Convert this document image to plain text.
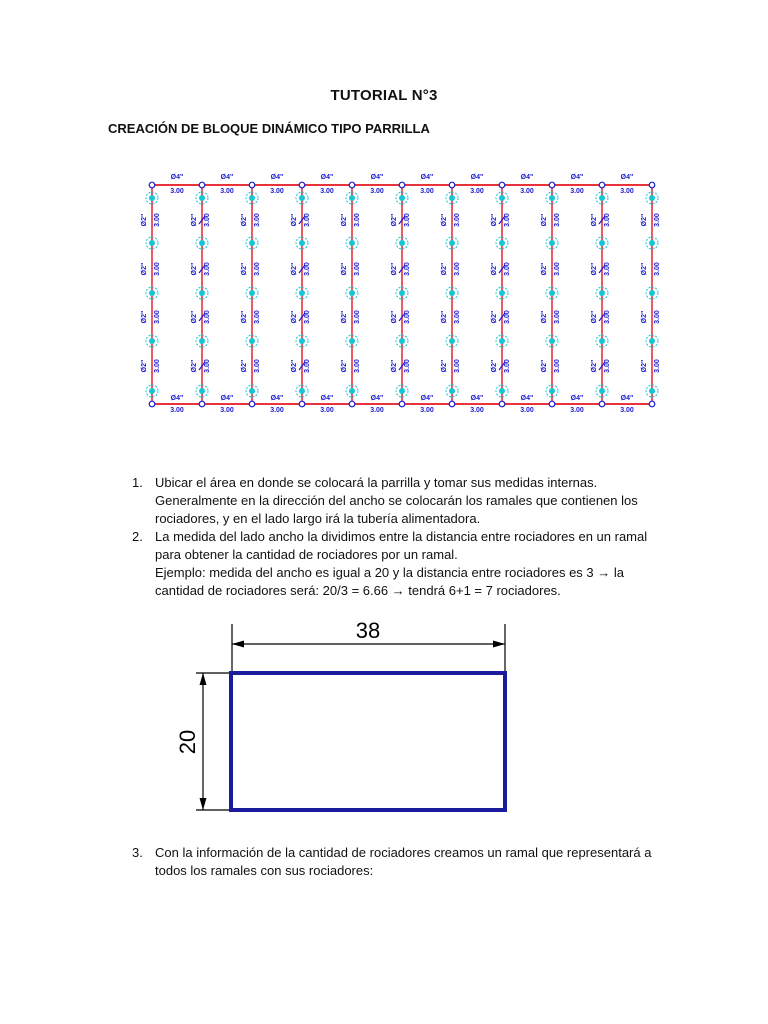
TUTORIAL N°3
CREACIÓN DE BLOQUE DINÁMICO TIPO PARRILLA
Ø2" 3.00
Ø2" 3.00
Ø2" 3.00
Ø2" 3.00
Ø4"
3.00
Ø4"
3.00
Ø2" 3.00
Ø2" 3.00
Ø2" 3.00
Ø2" 3.00
Ø4"
3.00
Ø4"
3.00
Ø2" 3.00
Ø2" 3.00
Ø2" 3.00
Ø2" 3.00
Ø4"
3.00
Ø4"
3.00
Ø2" 3.00
Ø2" 3.00
Ø2" 3.00
Ø2" 3.00
Ø4"
3.00
Ø4"
3.00
Ø2" 3.00
Ø2" 3.00
Ø2" 3.00
Ø2" 3.00
Ø4"
3.00
Ø4"
3.00
Ø2" 3.00
Ø2" 3.00
Ø2" 3.00
Ø2" 3.00
Ø4"
3.00
Ø4"
3.00
Ø2" 3.00
Ø2" 3.00
Ø2" 3.00
Ø2" 3.00
Ø4"
3.00
Ø4"
3.00
Ø2" 3.00
Ø2" 3.00
Ø2" 3.00
Ø2" 3.00
Ø4"
3.00
Ø4"
3.00
Ø2" 3.00
Ø2" 3.00
Ø2" 3.00
Ø2" 3.00
Ø4"
3.00
Ø4"
3.00
Ø2" 3.00
Ø2" 3.00
Ø2" 3.00
Ø2" 3.00
Ø4"
3.00
Ø4"
3.00
Ø2" 3.00
Ø2" 3.00
Ø2" 3.00
Ø2" 3.00
1. Ubicar el área en donde se colocará la parrilla y tomar sus medidas internas.

Generalmente en la dirección del ancho se colocarán los ramales que contienen los

rociadores, y en el lado largo irá la tubería alimentadora.

2. La medida del lado ancho la dividimos entre la distancia entre rociadores en un ramal

para obtener la cantidad de rociadores por un ramal.

Ejemplo: medida del ancho es igual a 20 y la distancia entre rociadores es 3 → la

cantidad de rociadores será: 20/3 = 6.66 → tendrá 6+1 = 7 rociadores.

38
20
3. Con la información de la cantidad de rociadores creamos un ramal que representará a

todos los ramales con sus rociadores:
